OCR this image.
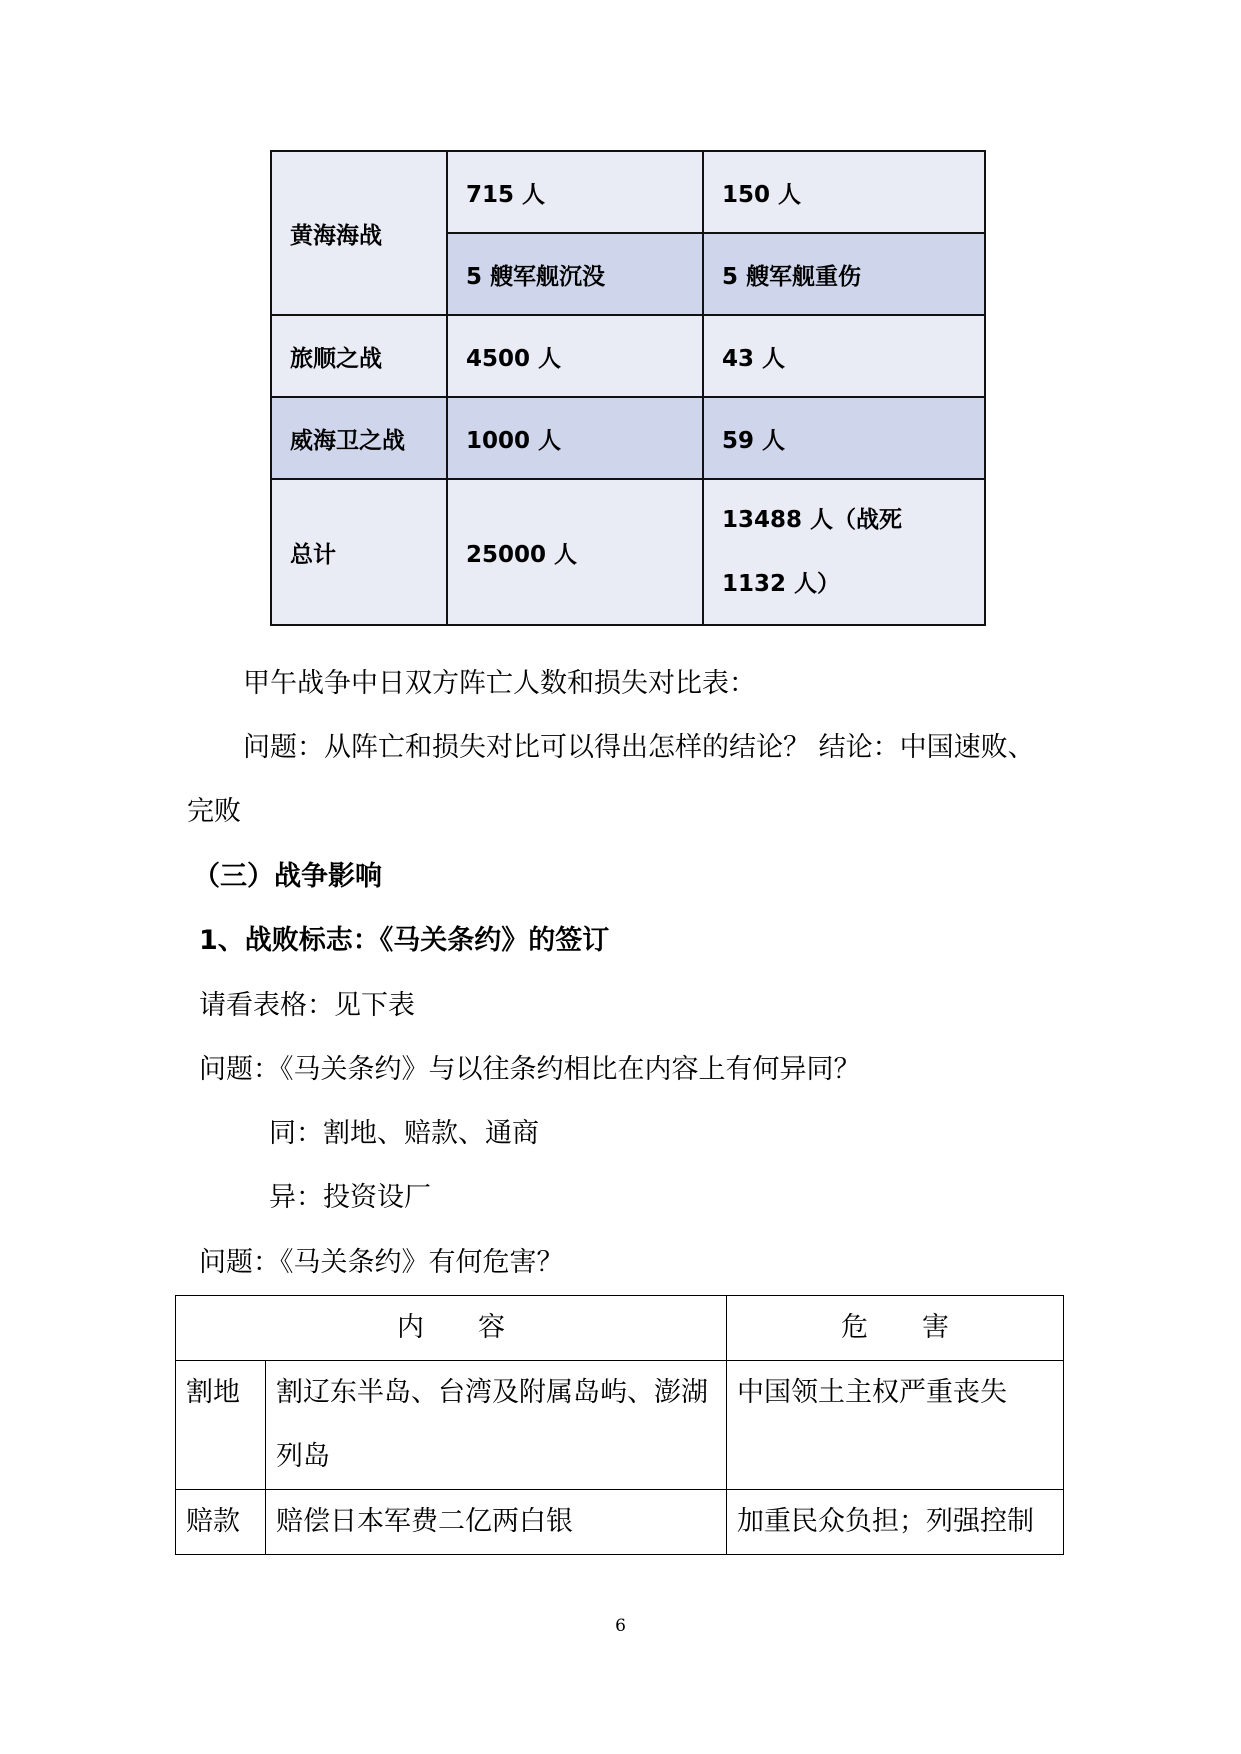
黄海海战	715 人	150 人
	5 艘军舰沉没	5 艘军舰重伤
旅顺之战	4500 人	43 人
威海卫之战	1000 人	59 人
总计	25000 人	13488 人（战死 1132 人）
甲午战争中日双方阵亡人数和损失对比表：
问题：从阵亡和损失对比可以得出怎样的结论？ 结论：中国速败、
完败
（三）战争影响
1、战败标志：《马关条约》的签订
请看表格：见下表
问题：《马关条约》与以往条约相比在内容上有何异同？
同：割地、赔款、通商
异：投资设厂
问题：《马关条约》有何危害？
内　　容		危　　害
割地	割辽东半岛、台湾及附属岛屿、澎湖列岛	中国领土主权严重丧失
赔款	赔偿日本军费二亿两白银	加重民众负担；列强控制
6
